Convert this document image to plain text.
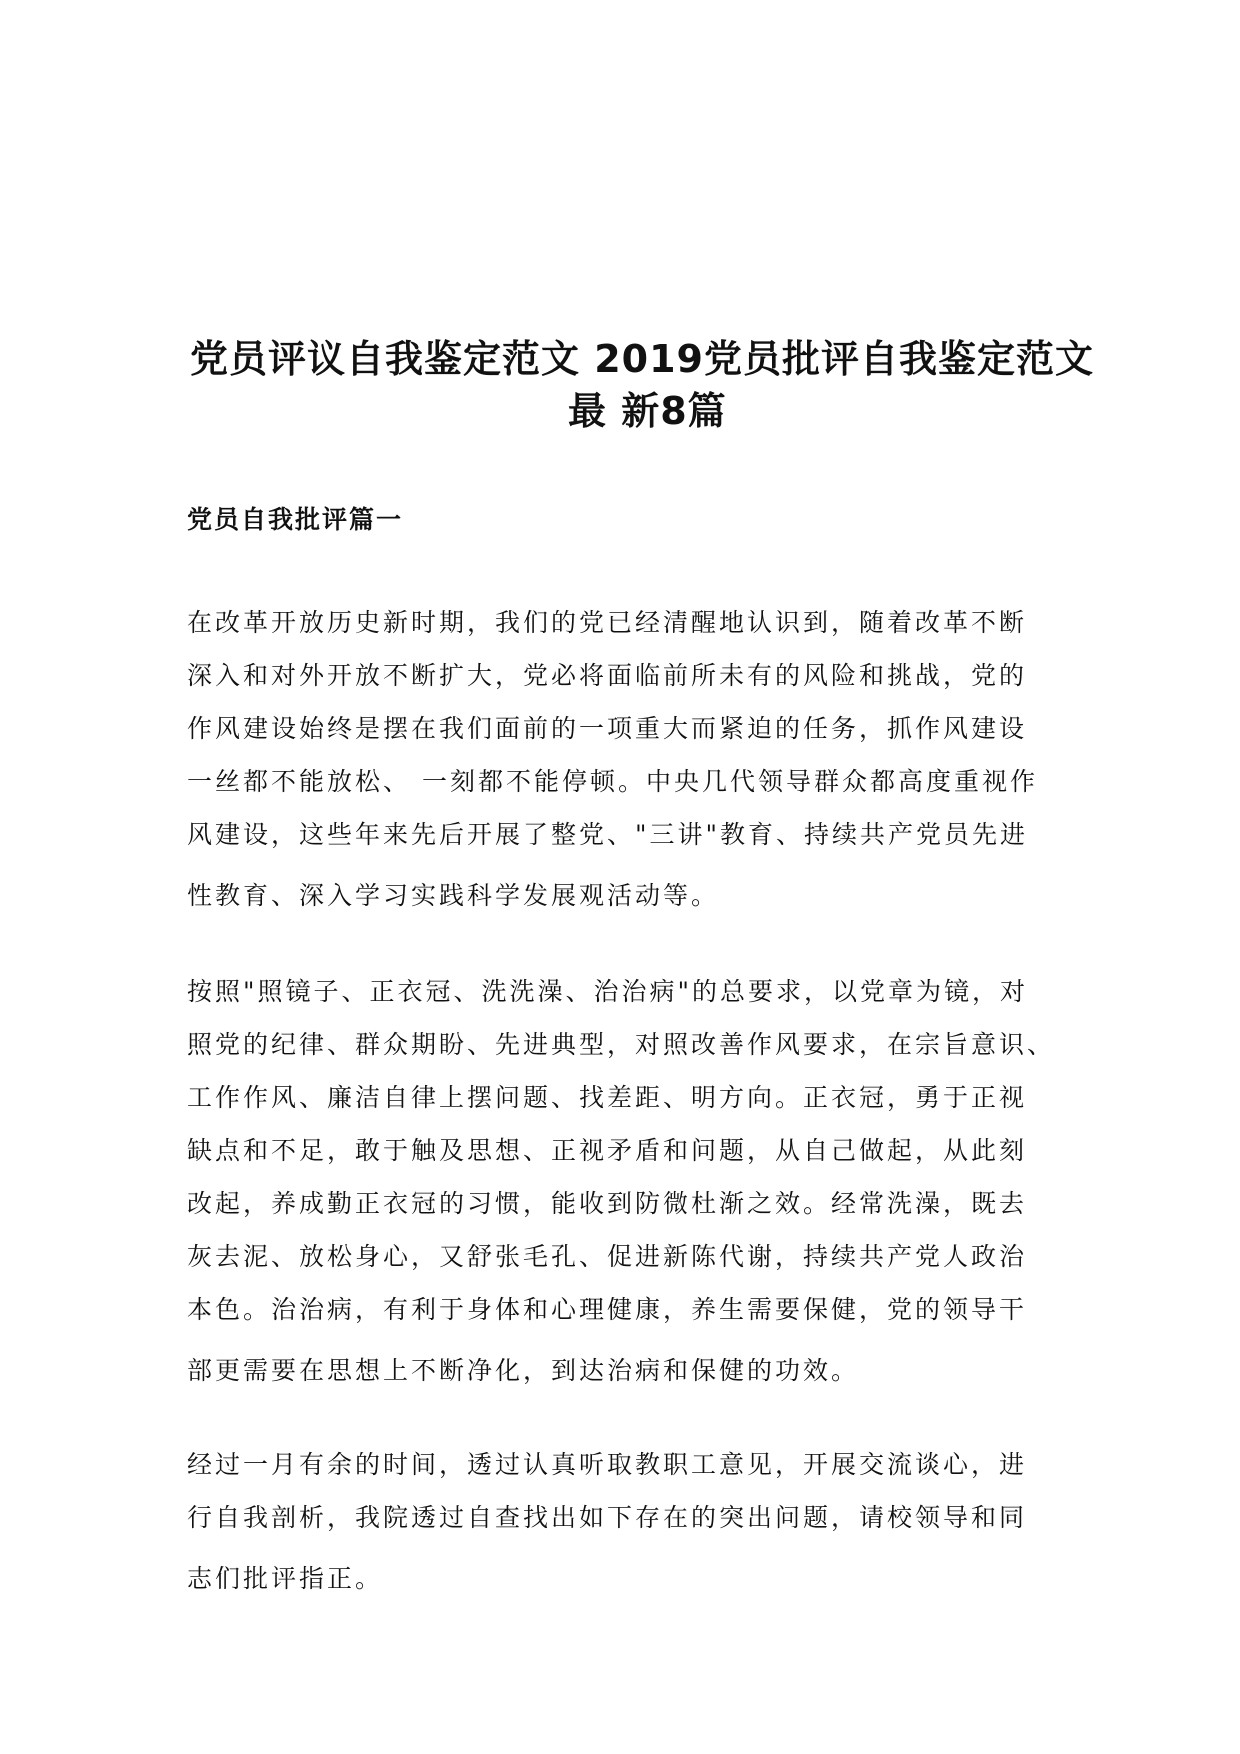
党员评议自我鉴定范文 2019党员批评自我鉴定范文
最 新8篇
党员自我批评篇一
在改革开放历史新时期，我们的党已经清醒地认识到，随着改革不断
深入和对外开放不断扩大，党必将面临前所未有的风险和挑战，党的
作风建设始终是摆在我们面前的一项重大而紧迫的任务，抓作风建设
一丝都不能放松、 一刻都不能停顿。中央几代领导群众都高度重视作
风建设，这些年来先后开展了整党、"三讲"教育、持续共产党员先进
性教育、深入学习实践科学发展观活动等。
按照"照镜子、正衣冠、洗洗澡、治治病"的总要求，以党章为镜，对
照党的纪律、群众期盼、先进典型，对照改善作风要求，在宗旨意识、
工作作风、廉洁自律上摆问题、找差距、明方向。正衣冠，勇于正视
缺点和不足，敢于触及思想、正视矛盾和问题，从自己做起，从此刻
改起，养成勤正衣冠的习惯，能收到防微杜渐之效。经常洗澡，既去
灰去泥、放松身心，又舒张毛孔、促进新陈代谢，持续共产党人政治
本色。治治病，有利于身体和心理健康，养生需要保健，党的领导干
部更需要在思想上不断净化，到达治病和保健的功效。
经过一月有余的时间，透过认真听取教职工意见，开展交流谈心，进
行自我剖析，我院透过自查找出如下存在的突出问题，请校领导和同
志们批评指正。
